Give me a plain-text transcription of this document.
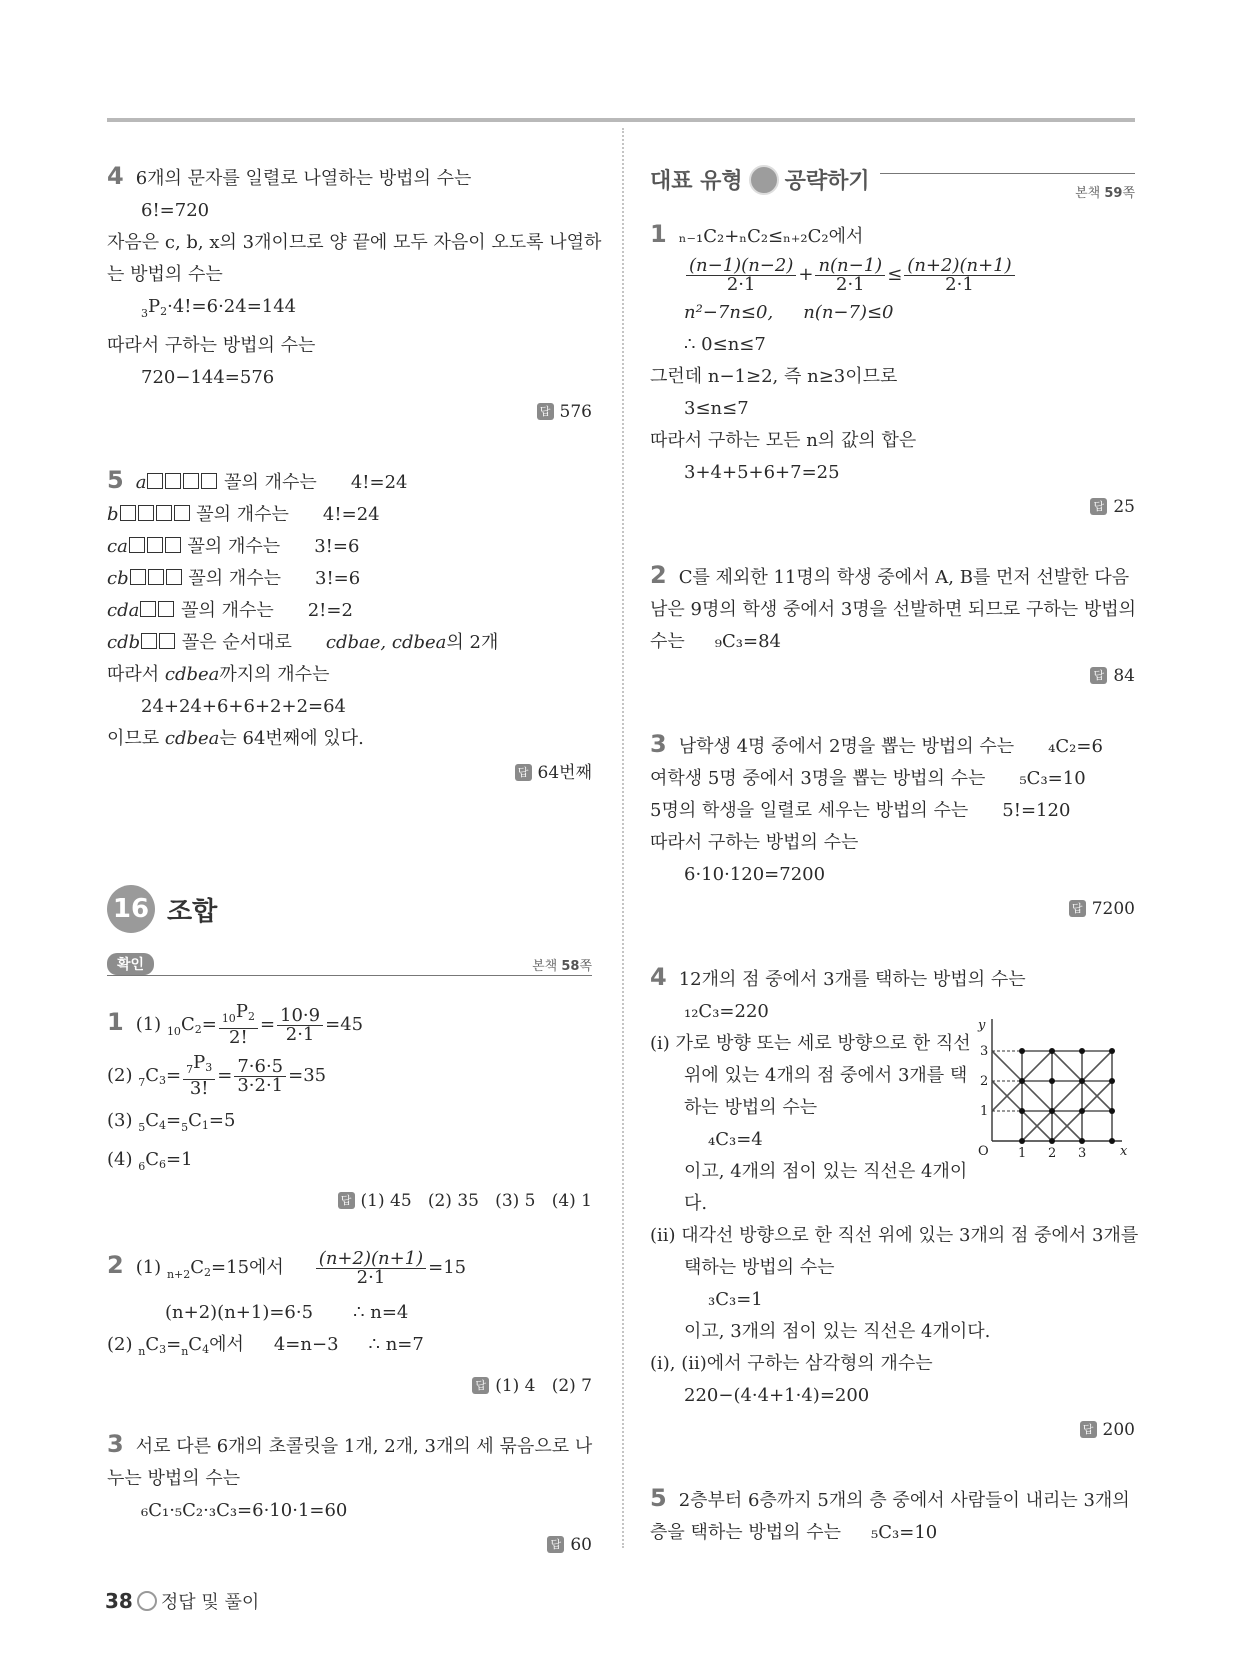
4 6개의 문자를 일렬로 나열하는 방법의 수는
6!=720
자음은 c, b, x의 3개이므로 양 끝에 모두 자음이 오도록 나열하
는 방법의 수는
$_3P_2\cdot 4!=6\cdot 24=144$
따라서 구하는 방법의 수는
720−144=576
답 576
5 a	꼴의 개수는 4!=24
b	꼴의 개수는 4!=24
ca	꼴의 개수는 3!=6
cb	꼴의 개수는 3!=6
cda 꼴의 개수는 2!=2
cdb 꼴은 순서대로 cdbae, cdbea의 2개
따라서 cdbea까지의 개수는
24+24+6+6+2+2=64
이므로 cdbea는 64번째에 있다.
답 64번째
16 조합
확인	본책 58쪽
1 (1) $_{10}C_2= \frac{_{10}P_2}{2!} = \frac{10\cdot 9}{2\cdot 1} =45$
(2) $_7C_3= \frac{_7P_3}{3!} = \frac{7\cdot 6\cdot 5}{3\cdot 2\cdot 1} =35$
(3) $_5C_4=_5C_1=5$
(4) $_6C_6=1$
답 (1) 45   (2) 35   (3) 5   (4) 1
2 (1) $_{n+2}C_2=15$에서 $\frac{(n+2)(n+1)}{2\cdot 1} =15$
(n+2)(n+1)=6·5 ∴ n=4
(2) $_nC_3=_nC_4$에서 4=n−3 ∴ n=7
답 (1) 4   (2) 7
3 서로 다른 6개의 초콜릿을 1개, 2개, 3개의 세 묶음으로 나
누는 방법의 수는
₆C₁·₅C₂·₃C₃=6·10·1=60
답 60
대표 유형 공략하기	본책 59쪽
1 ₙ₋₁C₂+ₙC₂≤ₙ₊₂C₂에서
$\frac{(n-1)(n-2)}{2\cdot 1} + \frac{n(n-1)}{2\cdot 1} \le \frac{(n+2)(n+1)}{2\cdot 1}$
n²−7n≤0, n(n−7)≤0
∴ 0≤n≤7
그런데 n−1≥2, 즉 n≥3이므로
3≤n≤7
따라서 구하는 모든 n의 값의 합은
3+4+5+6+7=25
답 25
2 C를 제외한 11명의 학생 중에서 A, B를 먼저 선발한 다음
남은 9명의 학생 중에서 3명을 선발하면 되므로 구하는 방법의
수는 ₉C₃=84
답 84
3 남학생 4명 중에서 2명을 뽑는 방법의 수는 ₄C₂=6
여학생 5명 중에서 3명을 뽑는 방법의 수는 ₅C₃=10
5명의 학생을 일렬로 세우는 방법의 수는 5!=120
따라서 구하는 방법의 수는
6·10·120=7200
답 7200
4 12개의 점 중에서 3개를 택하는 방법의 수는
₁₂C₃=220
(ⅰ) 가로 방향 또는 세로 방향으로 한 직선
위에 있는 4개의 점 중에서 3개를 택
하는 방법의 수는
₄C₃=4
이고, 4개의 점이 있는 직선은 4개이
다.
(ⅱ) 대각선 방향으로 한 직선 위에 있는 3개의 점 중에서 3개를
택하는 방법의 수는
₃C₃=1
이고, 3개의 점이 있는 직선은 4개이다.
(ⅰ), (ⅱ)에서 구하는 삼각형의 개수는
220−(4·4+1·4)=200
답 200
y
x
O 1 2 3
1
2
3
5 2층부터 6층까지 5개의 층 중에서 사람들이 내리는 3개의
층을 택하는 방법의 수는 ₅C₃=10
38 정답 및 풀이
